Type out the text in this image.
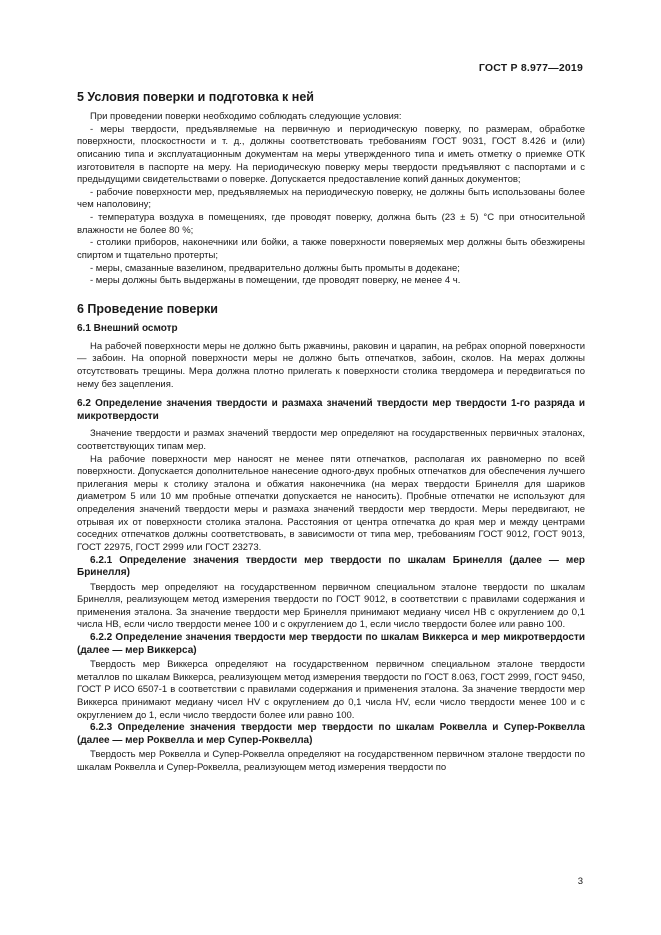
ГОСТ Р 8.977—2019
5 Условия поверки и подготовка к ней

При проведении поверки необходимо соблюдать следующие условия:

- меры твердости, предъявляемые на первичную и периодическую поверку, по размерам, обработке поверхности, плоскостности и т. д., должны соответствовать требованиям ГОСТ 9031, ГОСТ 8.426 и (или) описанию типа и эксплуатационным документам на меры утвержденного типа и иметь отметку о приемке ОТК изготовителя в паспорте на меру. На периодическую поверку меры твердости предъявляют с паспортами и с предыдущими свидетельствами о поверке. Допускается предоставление копий данных документов;

- рабочие поверхности мер, предъявляемых на периодическую поверку, не должны быть использованы более чем наполовину;

- температура воздуха в помещениях, где проводят поверку, должна быть (23 ± 5) °С при относительной влажности не более 80 %;

- столики приборов, наконечники или бойки, а также поверхности поверяемых мер должны быть обезжирены спиртом и тщательно протерты;

- меры, смазанные вазелином, предварительно должны быть промыты в додекане;

- меры должны быть выдержаны в помещении, где проводят поверку, не менее 4 ч.

6 Проведение поверки
6.1 Внешний осмотр

На рабочей поверхности меры не должно быть ржавчины, раковин и царапин, на ребрах опорной поверхности — забоин. На опорной поверхности меры не должно быть отпечатков, забоин, сколов. На мерах должны отсутствовать трещины. Мера должна плотно прилегать к поверхности столика твердомера и передвигаться по нему без зацепления.

6.2 Определение значения твердости и размаха значений твердости мер твердости 1-го разряда и микротвердости

Значение твердости и размах значений твердости мер определяют на государственных первичных эталонах, соответствующих типам мер.

На рабочие поверхности мер наносят не менее пяти отпечатков, располагая их равномерно по всей поверхности. Допускается дополнительное нанесение одного-двух пробных отпечатков для обеспечения лучшего прилегания меры к столику эталона и обжатия наконечника (на мерах твердости Бринелля для шариков диаметром 5 или 10 мм пробные отпечатки допускается не наносить). Пробные отпечатки не используют для определения значений твердости меры и размаха значений твердости мер твердости. Меры передвигают, не отрывая их от поверхности столика эталона. Расстояния от центра отпечатка до края мер и между центрами соседних отпечатков должны соответствовать, в зависимости от типа мер, требованиям ГОСТ 9012, ГОСТ 9013, ГОСТ 22975, ГОСТ 2999 или ГОСТ 23273.

6.2.1 Определение значения твердости мер твердости по шкалам Бринелля (далее — мер Бринелля)

Твердость мер определяют на государственном первичном специальном эталоне твердости по шкалам Бринелля, реализующем метод измерения твердости по ГОСТ 9012, в соответствии с правилами содержания и применения эталона. За значение твердости мер Бринелля принимают медиану чисел НВ с округлением до 0,1 числа НВ, если число твердости менее 100 и с округлением до 1, если число твердости более или равно 100.

6.2.2 Определение значения твердости мер твердости по шкалам Виккерса и мер микротвердости (далее — мер Виккерса)

Твердость мер Виккерса определяют на государственном первичном специальном эталоне твердости металлов по шкалам Виккерса, реализующем метод измерения твердости по ГОСТ 8.063, ГОСТ 2999, ГОСТ 9450, ГОСТ Р ИСО 6507-1 в соответствии с правилами содержания и применения эталона. За значение твердости мер Виккерса принимают медиану чисел HV с округлением до 0,1 числа HV, если число твердости менее 100 и с округлением до 1, если число твердости более или равно 100.

6.2.3 Определение значения твердости мер твердости по шкалам Роквелла и Супер-Роквелла (далее — мер Роквелла и мер Супер-Роквелла)

Твердость мер Роквелла и Супер-Роквелла определяют на государственном первичном эталоне твердости по шкалам Роквелла и Супер-Роквелла, реализующем метод измерения твердости по

3
